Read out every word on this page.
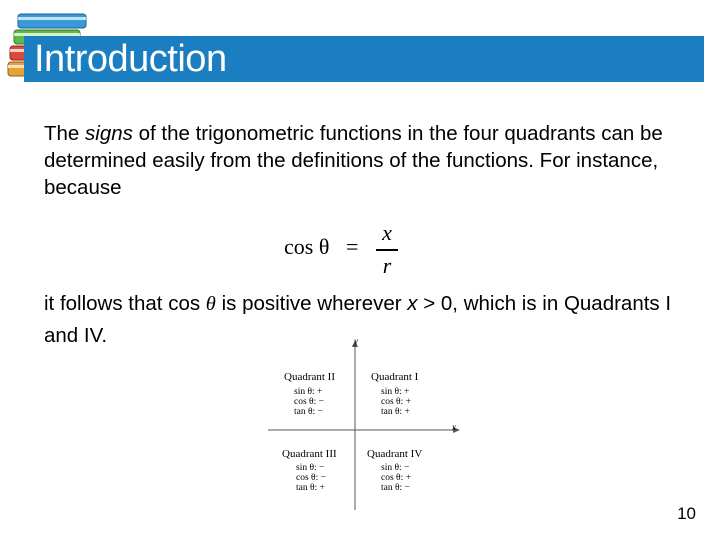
Introduction

The signs of the trigonometric functions in the four quadrants can be determined easily from the definitions of the functions. For instance, because

cos θ =
x
r

it follows that cos θ is positive wherever x > 0, which is in Quadrants I and IV.	y
x
Quadrant II
sin θ: +
cos θ: −
tan θ: −
Quadrant I
sin θ: +
cos θ: +
tan θ: +
Quadrant III
sin θ: −
cos θ: −
tan θ: +
Quadrant IV
sin θ: −
cos θ: +
tan θ: −
10
